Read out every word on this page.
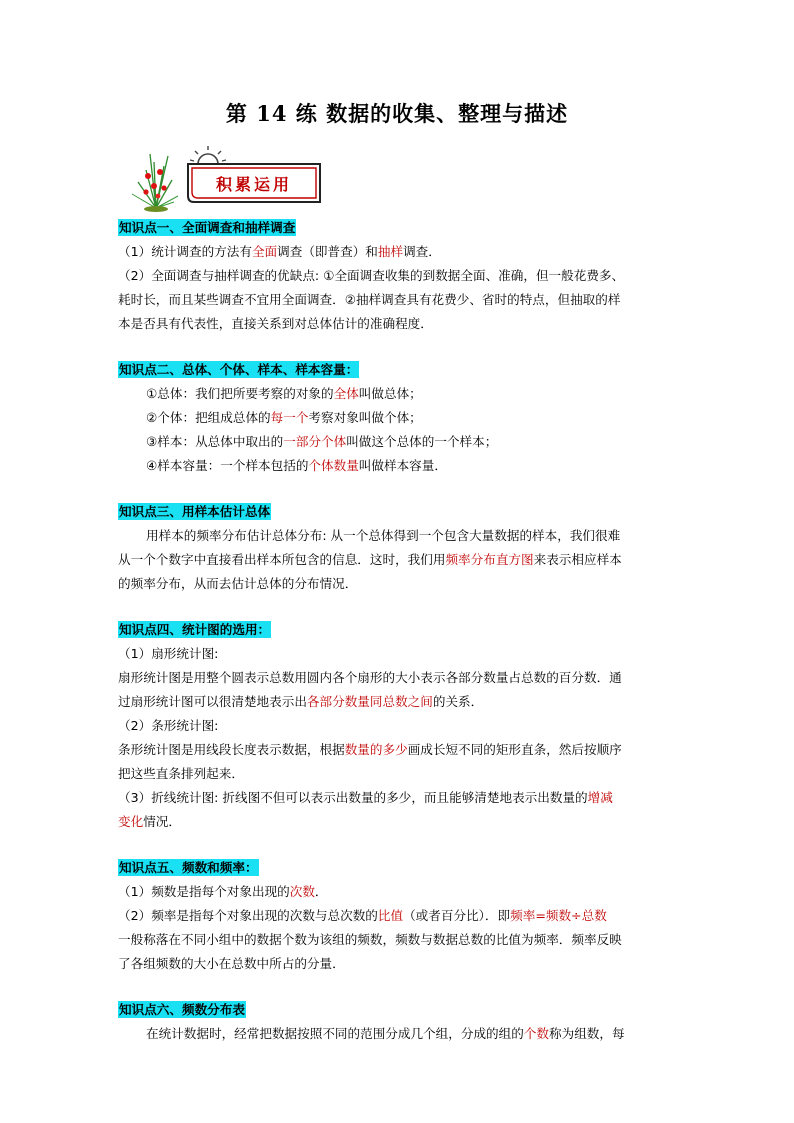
第 14 练 数据的收集、整理与描述
积累运用
知识点一、全面调查和抽样调查
（1）统计调查的方法有全面调查（即普查）和抽样调查．
（2）全面调查与抽样调查的优缺点: ①全面调查收集的到数据全面、准确，但一般花费多、
耗时长，而且某些调查不宜用全面调查．②抽样调查具有花费少、省时的特点，但抽取的样
本是否具有代表性，直接关系到对总体估计的准确程度．
知识点二、总体、个体、样本、样本容量：
①总体：我们把所要考察的对象的全体叫做总体；
②个体：把组成总体的每一个考察对象叫做个体；
③样本：从总体中取出的一部分个体叫做这个总体的一个样本；
④样本容量：一个样本包括的个体数量叫做样本容量．
知识点三、用样本估计总体
用样本的频率分布估计总体分布: 从一个总体得到一个包含大量数据的样本，我们很难
从一个个数字中直接看出样本所包含的信息．这时，我们用频率分布直方图来表示相应样本
的频率分布，从而去估计总体的分布情况．
知识点四、统计图的选用：
（1）扇形统计图:
扇形统计图是用整个圆表示总数用圆内各个扇形的大小表示各部分数量占总数的百分数．通
过扇形统计图可以很清楚地表示出各部分数量同总数之间的关系．
（2）条形统计图:
条形统计图是用线段长度表示数据，根据数量的多少画成长短不同的矩形直条，然后按顺序
把这些直条排列起来．
（3）折线统计图: 折线图不但可以表示出数量的多少，而且能够清楚地表示出数量的增减
变化情况．
知识点五、频数和频率：
（1）频数是指每个对象出现的次数．
（2）频率是指每个对象出现的次数与总次数的比值（或者百分比）．即频率=频数÷总数
一般称落在不同小组中的数据个数为该组的频数，频数与数据总数的比值为频率．频率反映
了各组频数的大小在总数中所占的分量．
知识点六、频数分布表
在统计数据时，经常把数据按照不同的范围分成几个组，分成的组的个数称为组数，每
